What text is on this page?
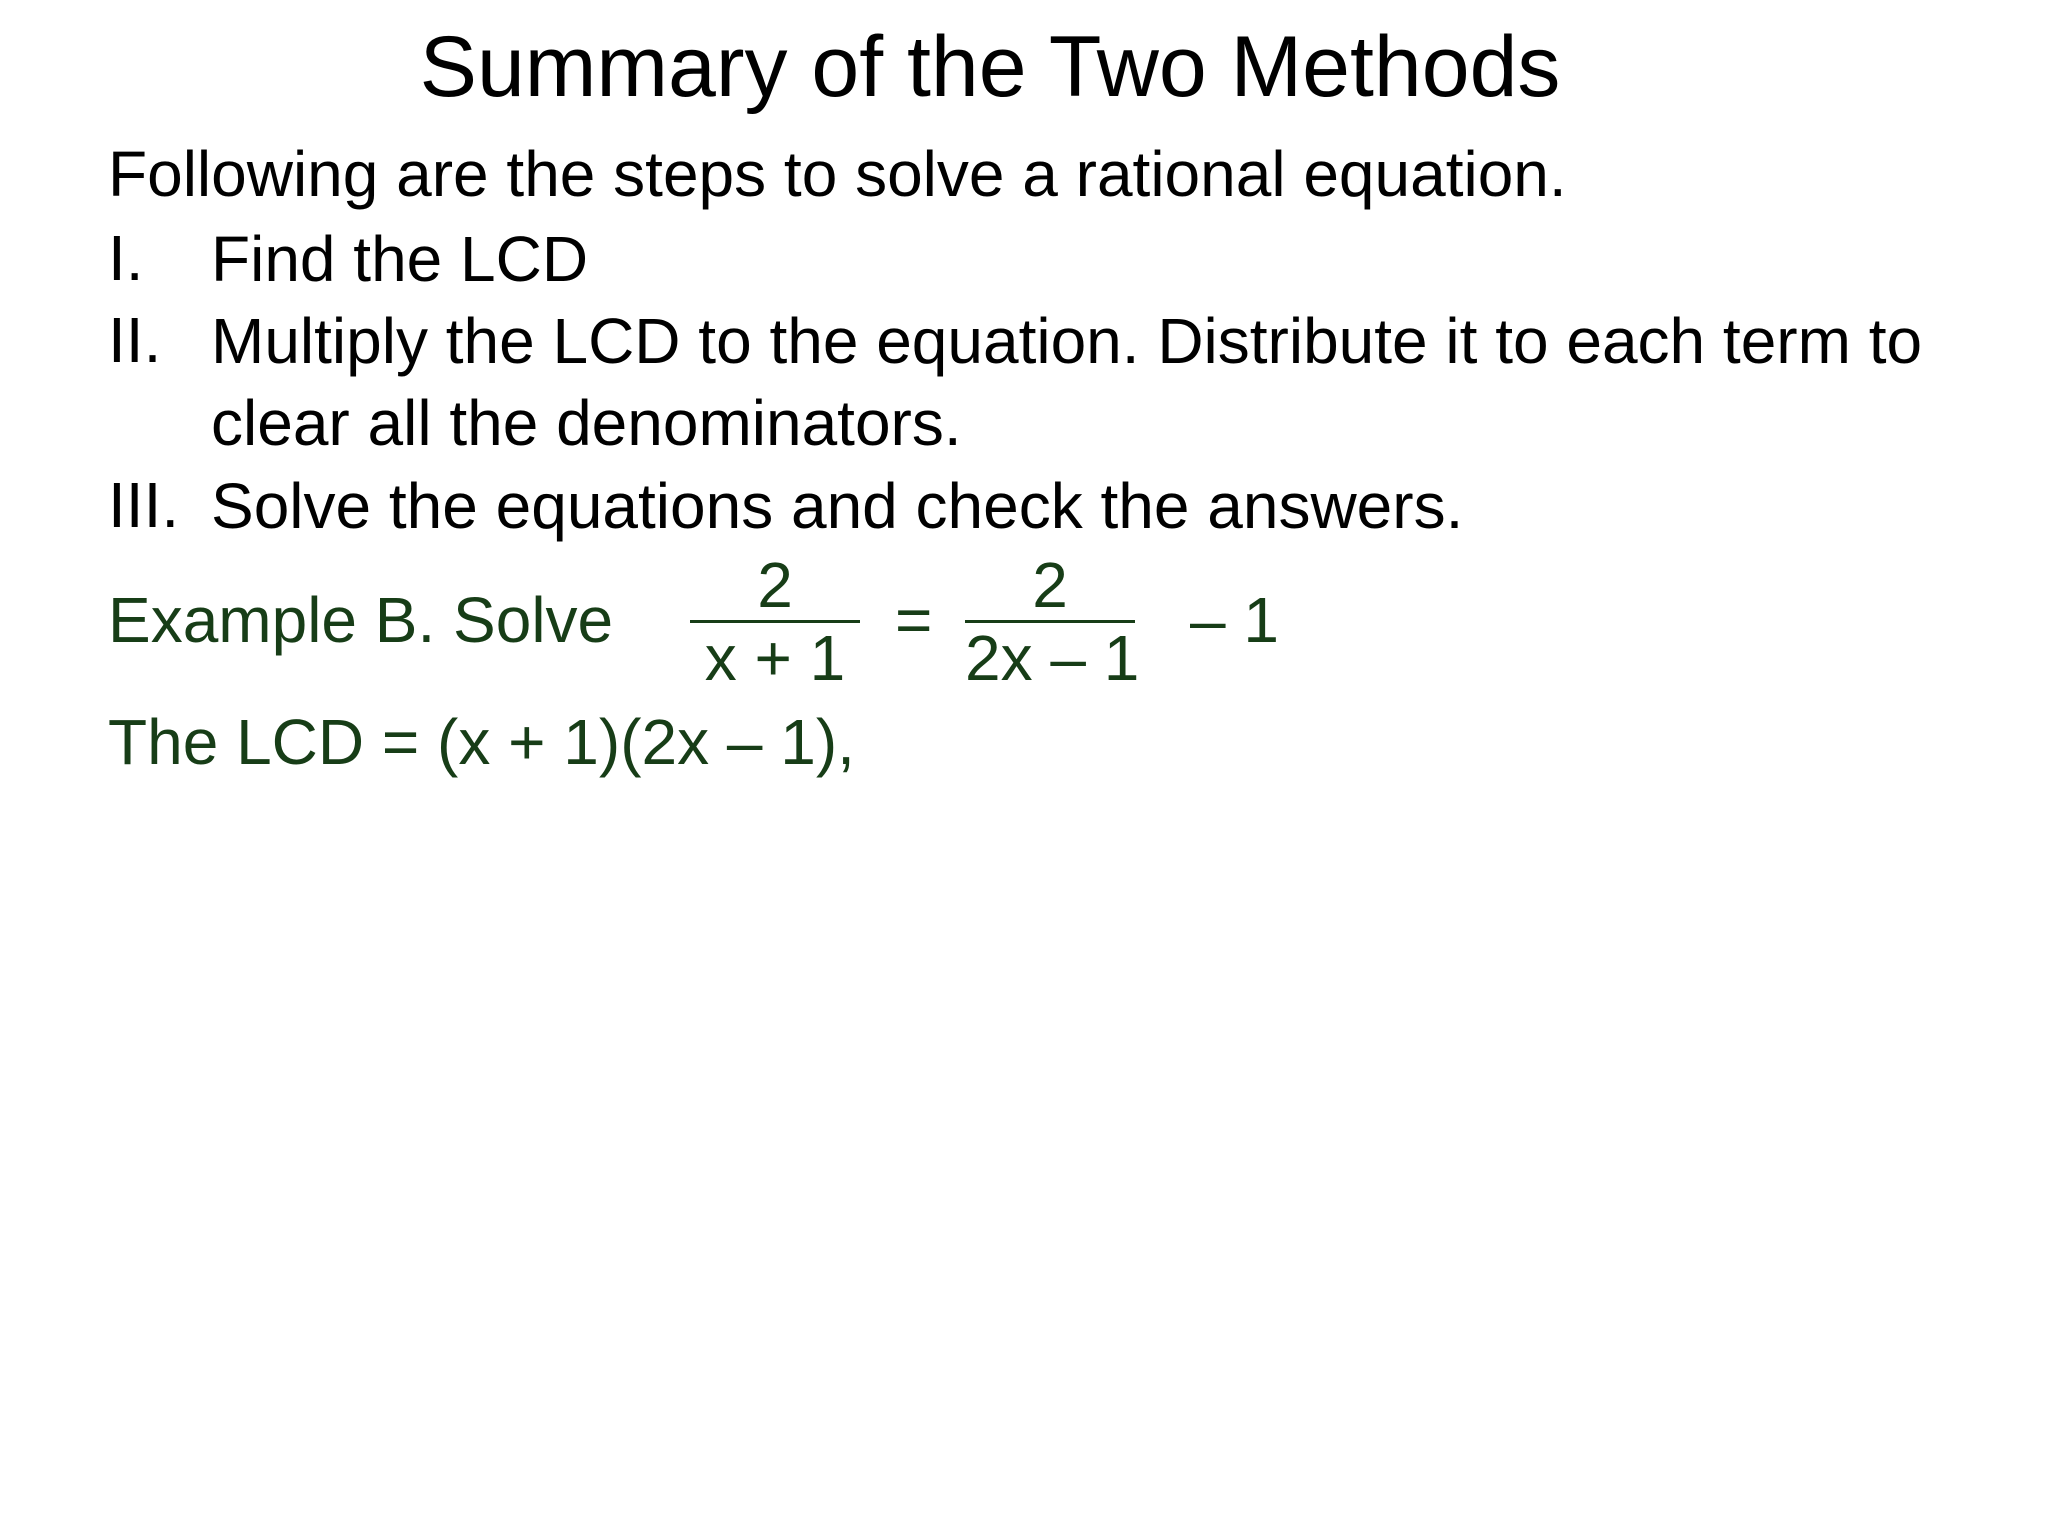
Summary of the Two Methods
Following are the steps to solve a rational equation.
I. Find the LCD
II. Multiply the LCD to the equation. Distribute it to each term to clear all the denominators.
III. Solve the equations and check the answers.
Example B. Solve	2
x + 1
=	2
2x – 1
– 1
The LCD = (x + 1)(2x – 1),
